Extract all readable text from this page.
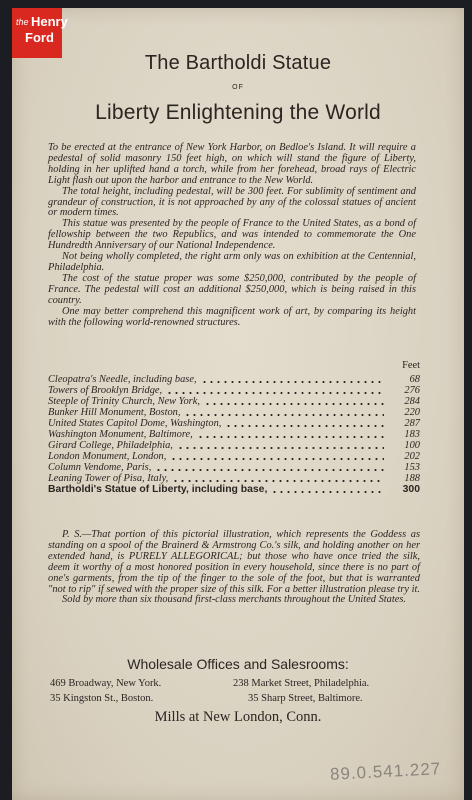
the Henry
Ford
The Bartholdi Statue
OF
Liberty Enlightening the World

To be erected at the entrance of New York Harbor, on Bedloe's Island. It will require a pedestal of solid masonry 150 feet high, on which will stand the figure of Liberty, holding in her uplifted hand a torch, while from her forehead, broad rays of Electric Light flash out upon the harbor and entrance to the New World.

The total height, including pedestal, will be 300 feet. For sublimity of sentiment and grandeur of construction, it is not approached by any of the colossal statues of ancient or modern times.

This statue was presented by the people of France to the United States, as a bond of fellowship between the two Republics, and was intended to commemorate the One Hundredth Anniversary of our National Independence.

Not being wholly completed, the right arm only was on exhibition at the Centennial, Philadelphia.

The cost of the statue proper was some $250,000, contributed by the people of France. The pedestal will cost an additional $250,000, which is being raised in this country.

One may better comprehend this magnificent work of art, by comparing its height with the following world-renowned structures.

Feet
Cleopatra's Needle, including base,	68
Towers of Brooklyn Bridge,	276
Steeple of Trinity Church, New York,	284
Bunker Hill Monument, Boston,	220
United States Capitol Dome, Washington,	287
Washington Monument, Baltimore,	183
Girard College, Philadelphia,	100
London Monument, London,	202
Column Vendome, Paris,	153
Leaning Tower of Pisa, Italy,	188
Bartholdi's Statue of Liberty, including base,	300

P. S.—That portion of this pictorial illustration, which represents the Goddess as standing on a spool of the Brainerd & Armstrong Co.'s silk, and holding another on her extended hand, is PURELY ALLEGORICAL; but those who have once tried the silk, deem it worthy of a most honored position in every household, since there is no part of one's garments, from the tip of the finger to the sole of the foot, but that is warranted "not to rip" if sewed with the proper size of this silk. For a better illustration please try it.

Sold by more than six thousand first-class merchants throughout the United States.

Wholesale Offices and Salesrooms:
469 Broadway, New York.	238 Market Street, Philadelphia.
35 Kingston St., Boston.	35 Sharp Street, Baltimore.
Mills at New London, Conn.
89.0.541.227
